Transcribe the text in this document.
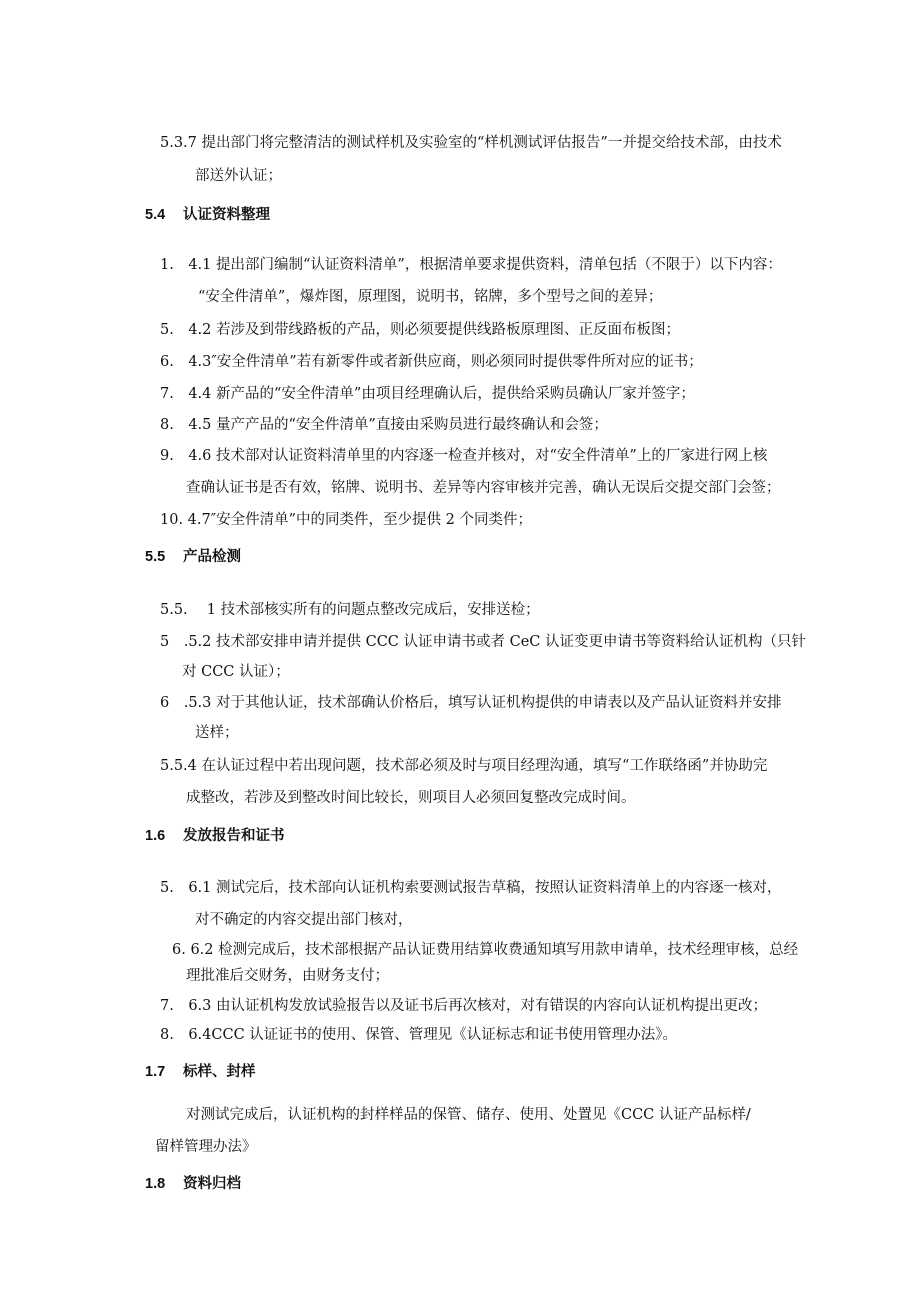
5.3.7 提出部门将完整清洁的测试样机及实验室的“样机测试评估报告”一并提交给技术部，由技术
部送外认证；
5.4 认证资料整理
1.　4.1 提出部门编制“认证资料清单”，根据清单要求提供资料，清单包括（不限于）以下内容：
“安全件清单”，爆炸图，原理图，说明书，铭牌，多个型号之间的差异；
5.　4.2 若涉及到带线路板的产品，则必须要提供线路板原理图、正反面布板图；
6.　4.3″安全件清单”若有新零件或者新供应商，则必须同时提供零件所对应的证书；
7.　4.4 新产品的“安全件清单”由项目经理确认后，提供给采购员确认厂家并签字；
8.　4.5 量产产品的“安全件清单”直接由采购员进行最终确认和会签；
9.　4.6 技术部对认证资料清单里的内容逐一检查并核对，对“安全件清单”上的厂家进行网上核
查确认证书是否有效，铭牌、说明书、差异等内容审核并完善，确认无误后交提交部门会签；
10. 4.7″安全件清单”中的同类件，至少提供 2 个同类件；
5.5 产品检测
5.5.　 1 技术部核实所有的问题点整改完成后，安排送检；
5　.5.2 技术部安排申请并提供 CCC 认证申请书或者 CeC 认证变更申请书等资料给认证机构（只针
对 CCC 认证）；
6　.5.3 对于其他认证，技术部确认价格后，填写认证机构提供的申请表以及产品认证资料并安排
送样；
5.5.4 在认证过程中若出现问题，技术部必须及时与项目经理沟通，填写“工作联络函”并协助完
成整改，若涉及到整改时间比较长，则项目人必须回复整改完成时间。
1.6 发放报告和证书
5.　6.1 测试完后，技术部向认证机构索要测试报告草稿，按照认证资料清单上的内容逐一核对，
对不确定的内容交提出部门核对，
6. 6.2 检测完成后，技术部根据产品认证费用结算收费通知填写用款申请单，技术经理审核，总经
理批准后交财务，由财务支付；
7.　6.3 由认证机构发放试验报告以及证书后再次核对，对有错误的内容向认证机构提出更改；
8.　6.4CCC 认证证书的使用、保管、管理见《认证标志和证书使用管理办法》。
1.7 标样、封样
对测试完成后，认证机构的封样样品的保管、储存、使用、处置见《CCC 认证产品标样/
留样管理办法》
1.8 资料归档
